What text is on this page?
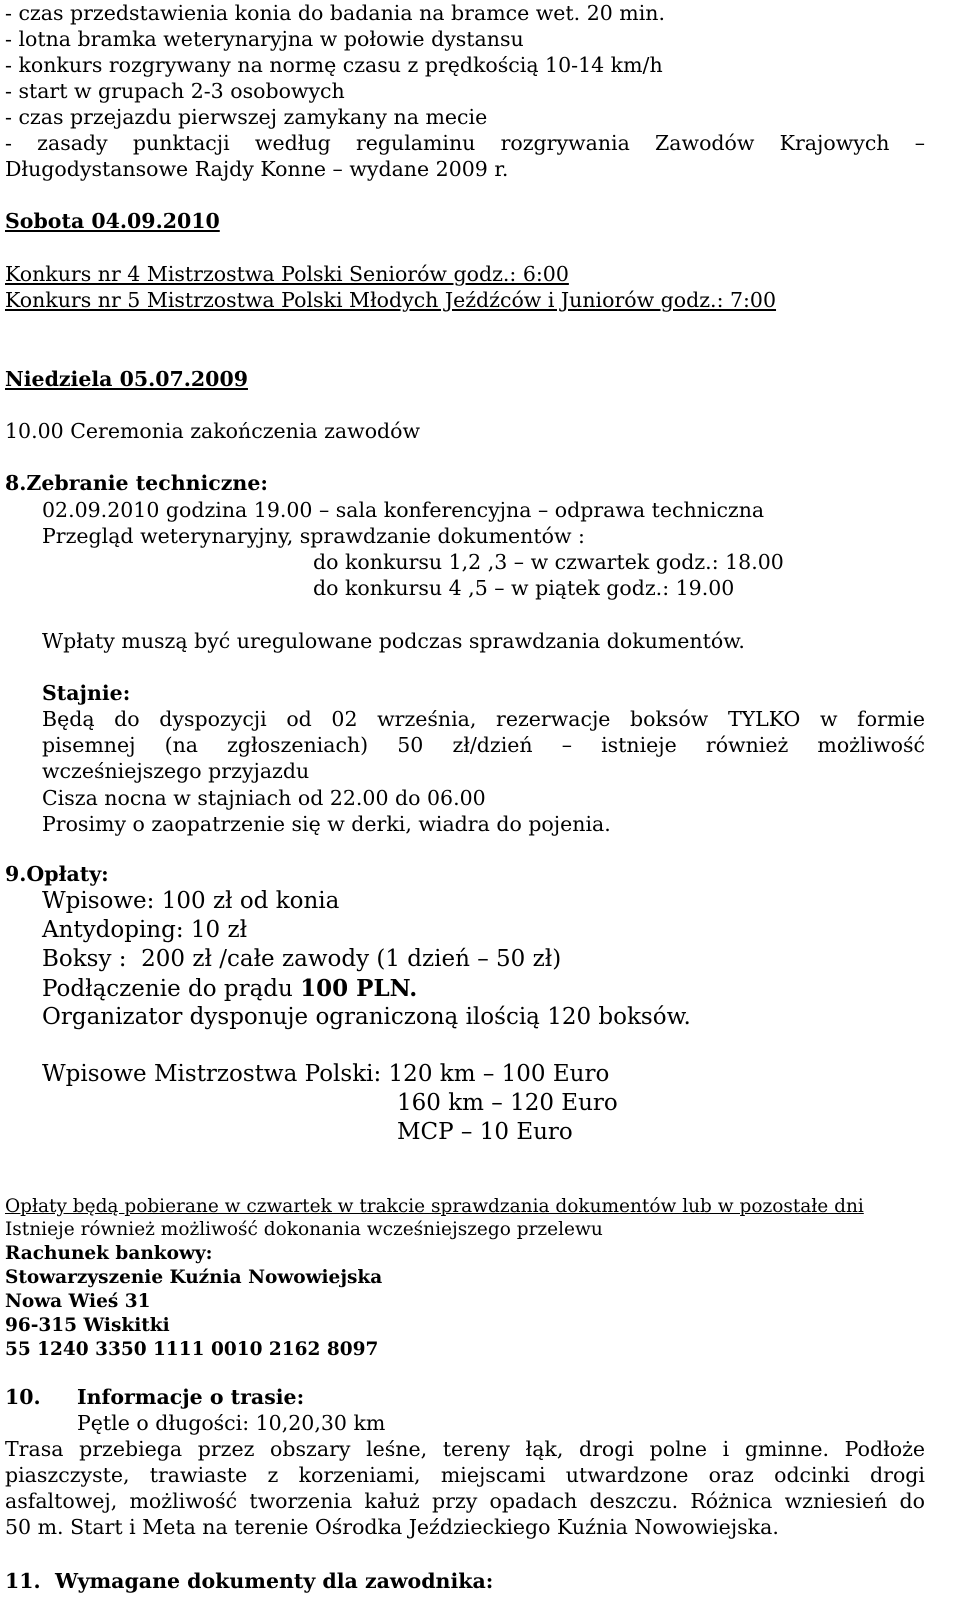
- czas przedstawienia konia do badania na bramce wet. 20 min.
- lotna bramka weterynaryjna w połowie dystansu
- konkurs rozgrywany na normę czasu z prędkością 10-14 km/h
- start w grupach 2-3 osobowych
- czas przejazdu pierwszej zamykany na mecie
- zasady punktacji według regulaminu rozgrywania Zawodów Krajowych –
Długodystansowe Rajdy Konne – wydane 2009 r.
Sobota 04.09.2010
Konkurs nr 4 Mistrzostwa Polski Seniorów godz.: 6:00
Konkurs nr 5 Mistrzostwa Polski Młodych Jeźdźców i Juniorów godz.: 7:00
Niedziela 05.07.2009
10.00 Ceremonia zakończenia zawodów
8.Zebranie techniczne:
02.09.2010 godzina 19.00 – sala konferencyjna – odprawa techniczna
Przegląd weterynaryjny, sprawdzanie dokumentów :
do konkursu 1,2 ,3 – w czwartek godz.: 18.00
do konkursu 4 ,5 – w piątek godz.: 19.00
Wpłaty muszą być uregulowane podczas sprawdzania dokumentów.
Stajnie:
Będą do dyspozycji od 02 września, rezerwacje boksów TYLKO w formie
pisemnej (na zgłoszeniach) 50 zł/dzień – istnieje również możliwość
wcześniejszego przyjazdu
Cisza nocna w stajniach od 22.00 do 06.00
Prosimy o zaopatrzenie się w derki, wiadra do pojenia.
9.Opłaty:
Wpisowe: 100 zł od konia
Antydoping: 10 zł
Boksy :  200 zł /całe zawody (1 dzień – 50 zł)
Podłączenie do prądu 100 PLN.
Organizator dysponuje ograniczoną ilością 120 boksów.
Wpisowe Mistrzostwa Polski: 120 km – 100 Euro
160 km – 120 Euro
MCP – 10 Euro
Opłaty będą pobierane w czwartek w trakcie sprawdzania dokumentów lub w pozostałe dni
Istnieje również możliwość dokonania wcześniejszego przelewu
Rachunek bankowy:
Stowarzyszenie Kuźnia Nowowiejska
Nowa Wieś 31
96-315 Wiskitki
55 1240 3350 1111 0010 2162 8097
10. Informacje o trasie:
Pętle o długości: 10,20,30 km
Trasa przebiega przez obszary leśne, tereny łąk, drogi polne i gminne. Podłoże
piaszczyste, trawiaste z korzeniami, miejscami utwardzone oraz odcinki drogi
asfaltowej, możliwość tworzenia kałuż przy opadach deszczu. Różnica wzniesień do
50 m. Start i Meta na terenie Ośrodka Jeździeckiego Kuźnia Nowowiejska.
11. Wymagane dokumenty dla zawodnika:
